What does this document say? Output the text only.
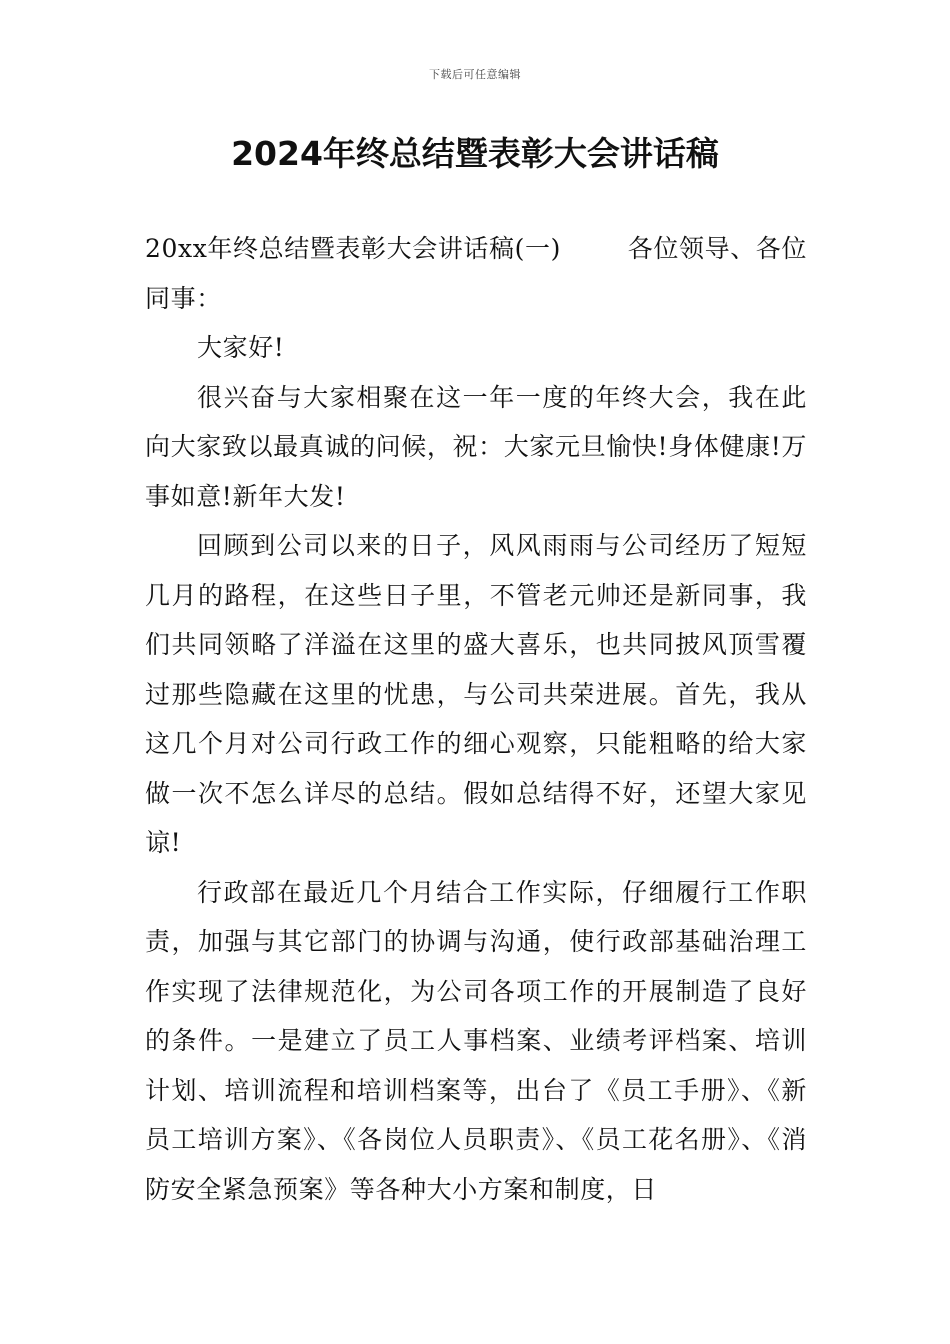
下载后可任意编辑
2024年终总结暨表彰大会讲话稿

20xx年终总结暨表彰大会讲话稿(一)	各位领导、各位
同事：

大家好!

很兴奋与大家相聚在这一年一度的年终大会，我在此向大家致以最真诚的问候，祝：大家元旦愉快!身体健康!万事如意!新年大发!

回顾到公司以来的日子，风风雨雨与公司经历了短短几月的路程，在这些日子里，不管老元帅还是新同事，我们共同领略了洋溢在这里的盛大喜乐，也共同披风顶雪覆过那些隐藏在这里的忧患，与公司共荣进展。首先，我从这几个月对公司行政工作的细心观察，只能粗略的给大家做一次不怎么详尽的总结。假如总结得不好，还望大家见谅!

行政部在最近几个月结合工作实际，仔细履行工作职责，加强与其它部门的协调与沟通，使行政部基础治理工作实现了法律规范化，为公司各项工作的开展制造了良好的条件。一是建立了员工人事档案、业绩考评档案、培训计划、培训流程和培训档案等，出台了《员工手册》、《新员工培训方案》、《各岗位人员职责》、《员工花名册》、《消防安全紧急预案》等各种大小方案和制度，日
